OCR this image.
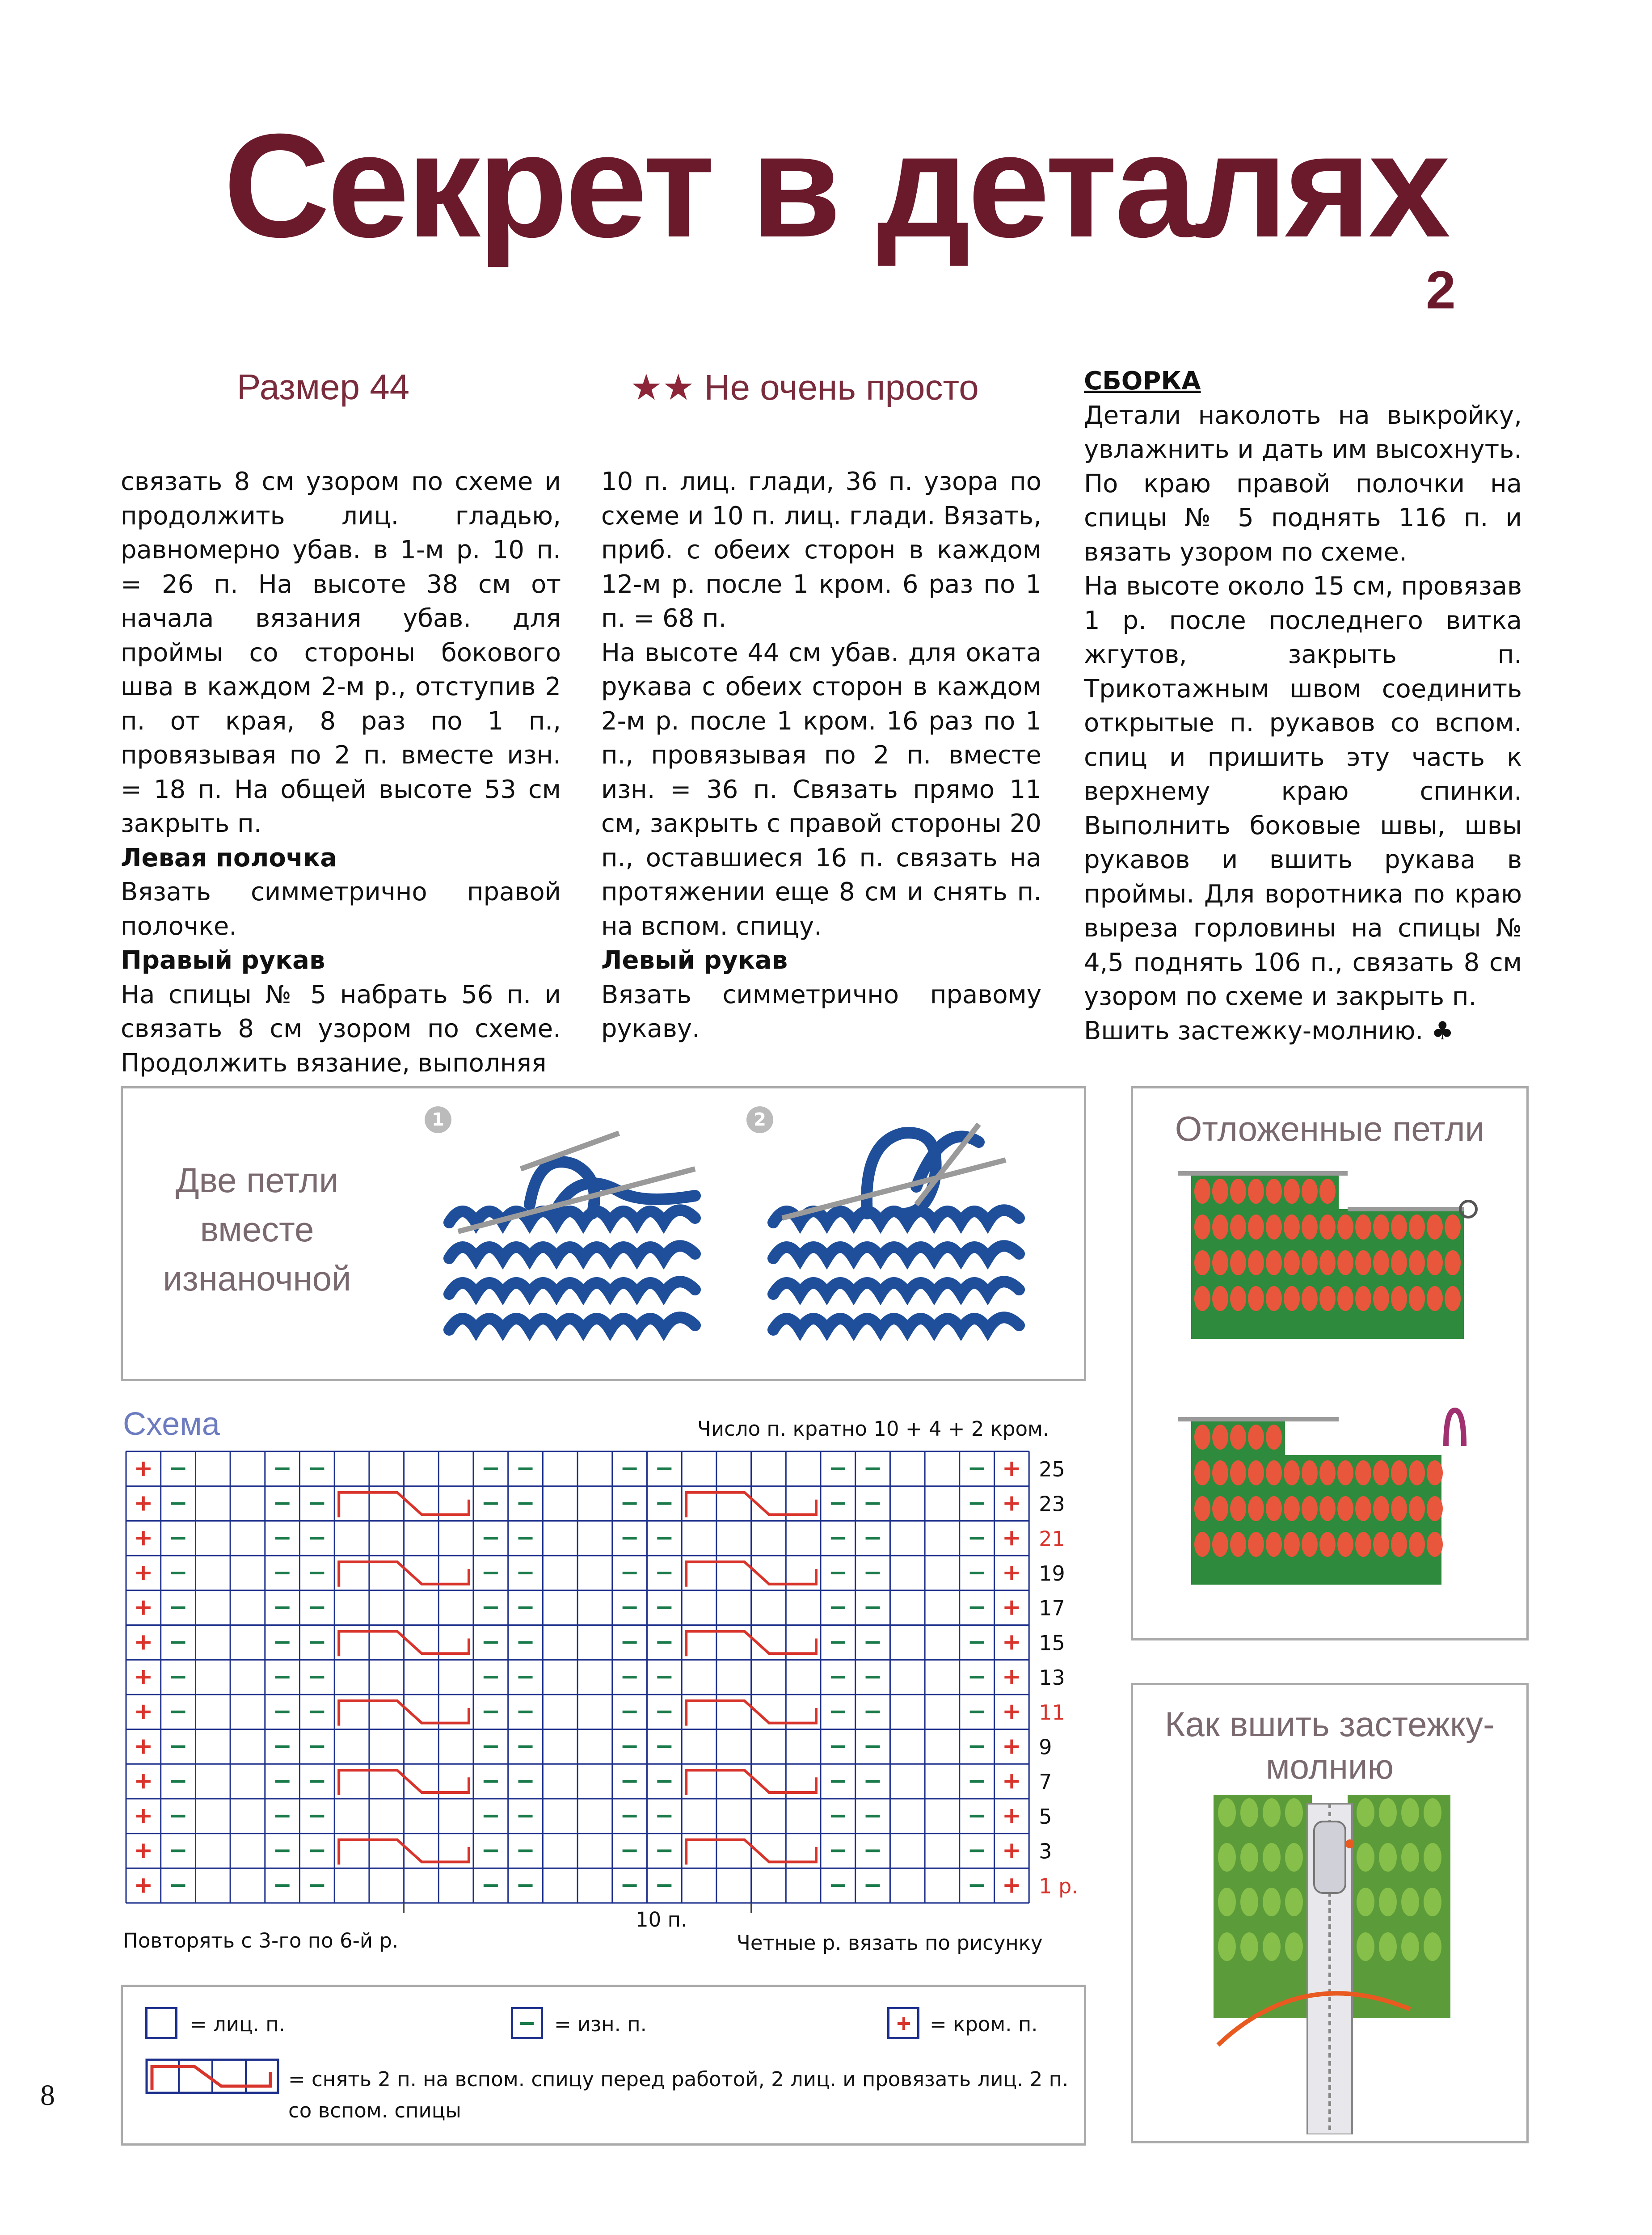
Секрет в деталях
2
Размер 44	★★ Не очень просто

связать 8 см узором по схеме и продолжить лиц. гладью, равномерно убав. в 1-м р. 10 п. = 26 п. На высоте 38 см от начала вязания убав. для проймы со стороны бокового шва в каждом 2-м р., отступив 2 п. от края, 8 раз по 1 п., провязывая по 2 п. вместе изн. = 18 п. На общей высоте 53 см закрыть п.

Левая полочка

Вязать симметрично правой полочке.

Правый рукав

На спицы № 5 набрать 56 п. и связать 8 см узором по схеме. Продолжить вязание, выполняя

10 п. лиц. глади, 36 п. узора по схеме и 10 п. лиц. глади. Вязать, приб. с обеих сторон в каждом 12-м р. после 1 кром. 6 раз по 1 п. = 68 п.

На высоте 44 см убав. для оката рукава с обеих сторон в каждом 2-м р. после 1 кром. 16 раз по 1 п., провязывая по 2 п. вместе изн. = 36 п. Связать прямо 11 см, закрыть с правой стороны 20 п., оставшиеся 16 п. связать на протяжении еще 8 см и снять п. на вспом. спицу.

Левый рукав

Вязать симметрично правому рукаву.

СБОРКА

Детали наколоть на выкройку, увлажнить и дать им высохнуть. По краю правой полочки на спицы № 5 поднять 116 п. и вязать узором по схеме.

На высоте около 15 см, провязав 1 р. после последнего витка жгутов, закрыть п. Трикотажным швом соединить открытые п. рукавов со вспом. спиц и пришить эту часть к верхнему краю спинки. Выполнить боковые швы, швы рукавов и вшить рукава в проймы. Для воротника по краю выреза горловины на спицы № 4,5 поднять 106 п., связать 8 см узором по схеме и закрыть п.

Вшить застежку-молнию. ♣

Две петли вместе изнаночной
1	2	Отложенные петли
Как вшить застежку-молнию
Схема	Число п. кратно 10 + 4 + 2 кром.
25
23
21
19
17
15
13
11
9
7
5
3
1 р.
10 п.
Повторять с 3-го по 6-й р.	Четные р. вязать по рисунку
= лиц. п.	= изн. п.	= кром. п.
= снять 2 п. на вспом. спицу перед работой, 2 лиц. и провязать лиц. 2 п. со вспом. спицы
8
